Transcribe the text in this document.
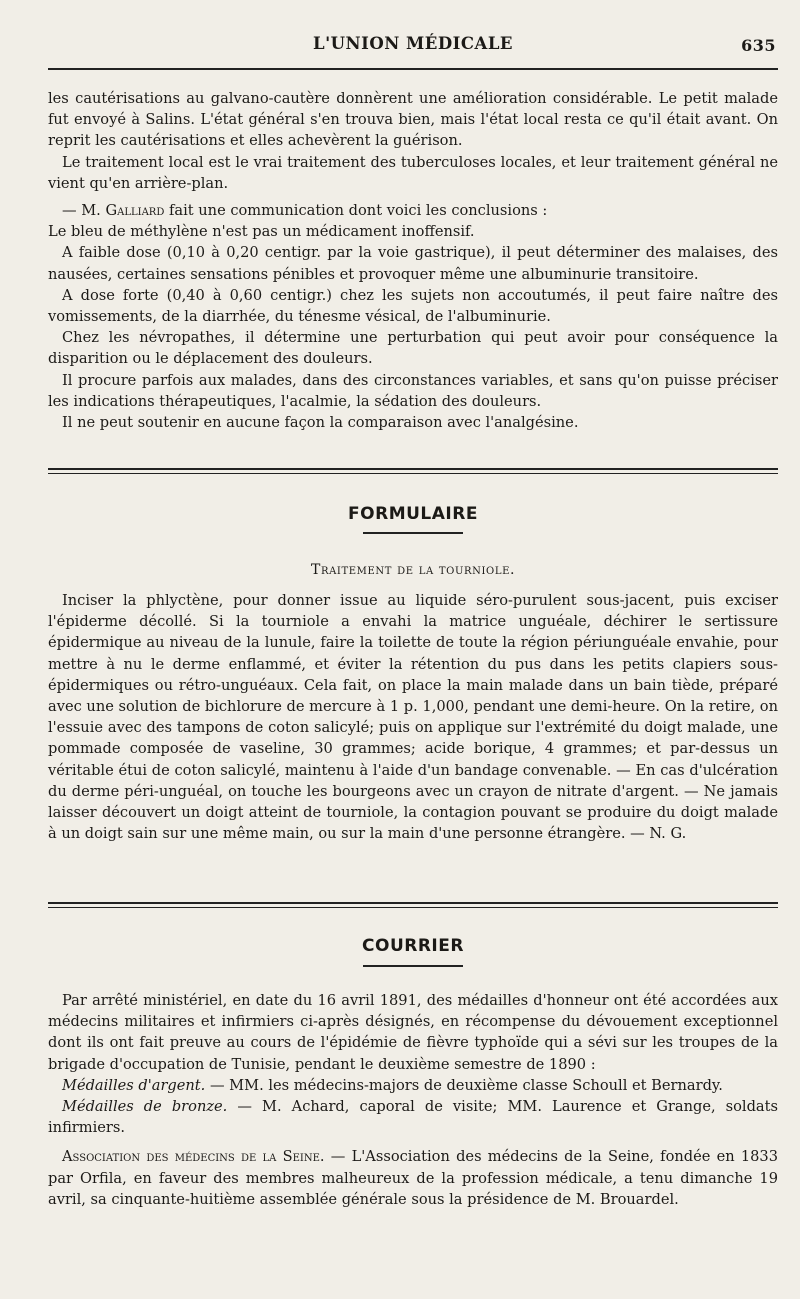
L'UNION MÉDICALE	635

les cautérisations au galvano-cautère donnèrent une amélioration considérable. Le petit malade fut envoyé à Salins. L'état général s'en trouva bien, mais l'état local resta ce qu'il était avant. On reprit les cautérisations et elles achevèrent la guérison.

Le traitement local est le vrai traitement des tuberculoses locales, et leur traitement général ne vient qu'en arrière-plan.

— M. Galliard fait une communication dont voici les conclusions :

Le bleu de méthylène n'est pas un médicament inoffensif.

A faible dose (0,10 à 0,20 centigr. par la voie gastrique), il peut déterminer des malaises, des nausées, certaines sensations pénibles et provoquer même une albuminurie transitoire.

A dose forte (0,40 à 0,60 centigr.) chez les sujets non accoutumés, il peut faire naître des vomissements, de la diarrhée, du ténesme vésical, de l'albuminurie.

Chez les névropathes, il détermine une perturbation qui peut avoir pour conséquence la disparition ou le déplacement des douleurs.

Il procure parfois aux malades, dans des circonstances variables, et sans qu'on puisse préciser les indications thérapeutiques, l'acalmie, la sédation des douleurs.

Il ne peut soutenir en aucune façon la comparaison avec l'analgésine.

FORMULAIRE
Traitement de la tourniole.

Inciser la phlyctène, pour donner issue au liquide séro-purulent sous-jacent, puis exciser l'épiderme décollé. Si la tourniole a envahi la matrice unguéale, déchirer le sertissure épidermique au niveau de la lunule, faire la toilette de toute la région périunguéale envahie, pour mettre à nu le derme enflammé, et éviter la rétention du pus dans les petits clapiers sous-épidermiques ou rétro-unguéaux. Cela fait, on place la main malade dans un bain tiède, préparé avec une solution de bichlorure de mercure à 1 p. 1,000, pendant une demi-heure. On la retire, on l'essuie avec des tampons de coton salicylé; puis on applique sur l'extrémité du doigt malade, une pommade composée de vaseline, 30 grammes; acide borique, 4 grammes; et par-dessus un véritable étui de coton salicylé, maintenu à l'aide d'un bandage convenable. — En cas d'ulcération du derme péri-unguéal, on touche les bourgeons avec un crayon de nitrate d'argent. — Ne jamais laisser découvert un doigt atteint de tourniole, la contagion pouvant se produire du doigt malade à un doigt sain sur une même main, ou sur la main d'une personne étrangère. — N. G.

COURRIER

Par arrêté ministériel, en date du 16 avril 1891, des médailles d'honneur ont été accordées aux médecins militaires et infirmiers ci-après désignés, en récompense du dévouement exceptionnel dont ils ont fait preuve au cours de l'épidémie de fièvre typhoïde qui a sévi sur les troupes de la brigade d'occupation de Tunisie, pendant le deuxième semestre de 1890 :

Médailles d'argent. — MM. les médecins-majors de deuxième classe Schoull et Bernardy.

Médailles de bronze. — M. Achard, caporal de visite; MM. Laurence et Grange, soldats infirmiers.

Association des médecins de la Seine. — L'Association des médecins de la Seine, fondée en 1833 par Orfila, en faveur des membres malheureux de la profession médicale, a tenu dimanche 19 avril, sa cinquante-huitième assemblée générale sous la présidence de M. Brouardel.
